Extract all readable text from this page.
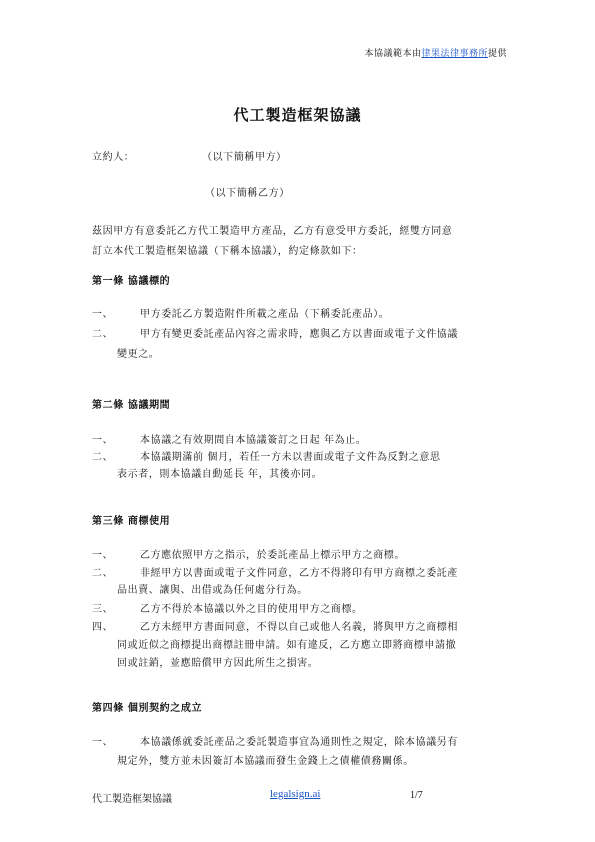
本協議範本由律果法律事務所提供
代工製造框架協議
立約人：	（以下簡稱甲方）
（以下簡稱乙方）
茲因甲方有意委託乙方代工製造甲方產品，乙方有意受甲方委託，經雙方同意
訂立本代工製造框架協議（下稱本協議），約定條款如下：
第一條 協議標的
一、	甲方委託乙方製造附件所載之產品（下稱委託產品）。
二、	甲方有變更委託產品內容之需求時，應與乙方以書面或電子文件協議
變更之。
第二條 協議期間
一、	本協議之有效期間自本協議簽訂之日起 年為止。
二、	本協議期滿前 個月，若任一方未以書面或電子文件為反對之意思
表示者，則本協議自動延長 年，其後亦同。
第三條 商標使用
一、	乙方應依照甲方之指示，於委託產品上標示甲方之商標。
二、	非經甲方以書面或電子文件同意，乙方不得將印有甲方商標之委託產
品出賣、讓與、出借或為任何處分行為。
三、	乙方不得於本協議以外之目的使用甲方之商標。
四、	乙方未經甲方書面同意，不得以自己或他人名義，將與甲方之商標相
同或近似之商標提出商標註冊申請。如有違反，乙方應立即將商標申請撤
回或註銷，並應賠償甲方因此所生之損害。
第四條 個別契約之成立
一、	本協議係就委託產品之委託製造事宜為通則性之規定，除本協議另有
規定外，雙方並未因簽訂本協議而發生金錢上之債權債務關係。
代工製造框架協議	legalsign.ai	1/7
